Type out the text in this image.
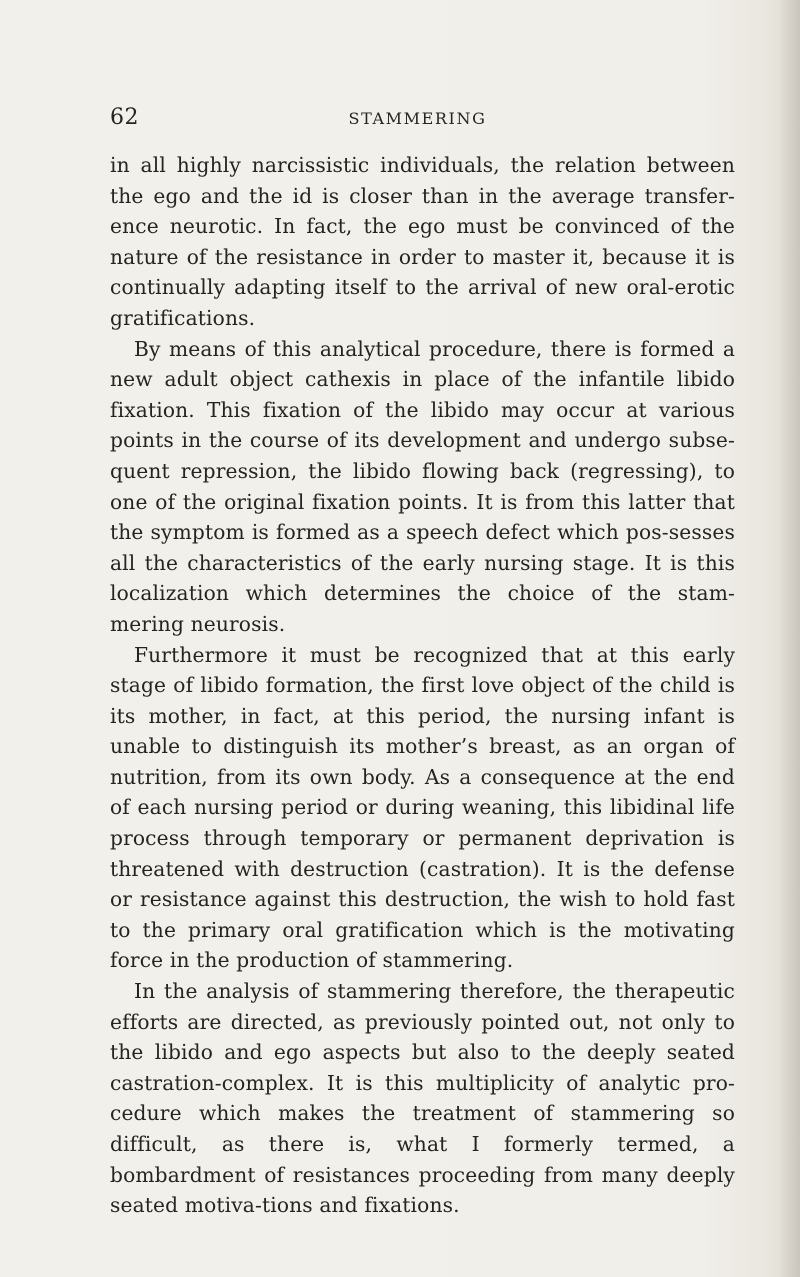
62	STAMMERING

in all highly narcissistic individuals, the relation between the ego and the id is closer than in the average transfer-ence neurotic. In fact, the ego must be convinced of the nature of the resistance in order to master it, because it is continually adapting itself to the arrival of new oral-erotic gratifications.

By means of this analytical procedure, there is formed a new adult object cathexis in place of the infantile libido fixation. This fixation of the libido may occur at various points in the course of its development and undergo subse-quent repression, the libido flowing back (regressing), to one of the original fixation points. It is from this latter that the symptom is formed as a speech defect which pos-sesses all the characteristics of the early nursing stage. It is this localization which determines the choice of the stam-mering neurosis.

Furthermore it must be recognized that at this early stage of libido formation, the first love object of the child is its mother, in fact, at this period, the nursing infant is unable to distinguish its mother’s breast, as an organ of nutrition, from its own body. As a consequence at the end of each nursing period or during weaning, this libidinal life process through temporary or permanent deprivation is threatened with destruction (castration). It is the defense or resistance against this destruction, the wish to hold fast to the primary oral gratification which is the motivating force in the production of stammering.

In the analysis of stammering therefore, the therapeutic efforts are directed, as previously pointed out, not only to the libido and ego aspects but also to the deeply seated castration-complex. It is this multiplicity of analytic pro-cedure which makes the treatment of stammering so difficult, as there is, what I formerly termed, a bombardment of resistances proceeding from many deeply seated motiva-tions and fixations.
